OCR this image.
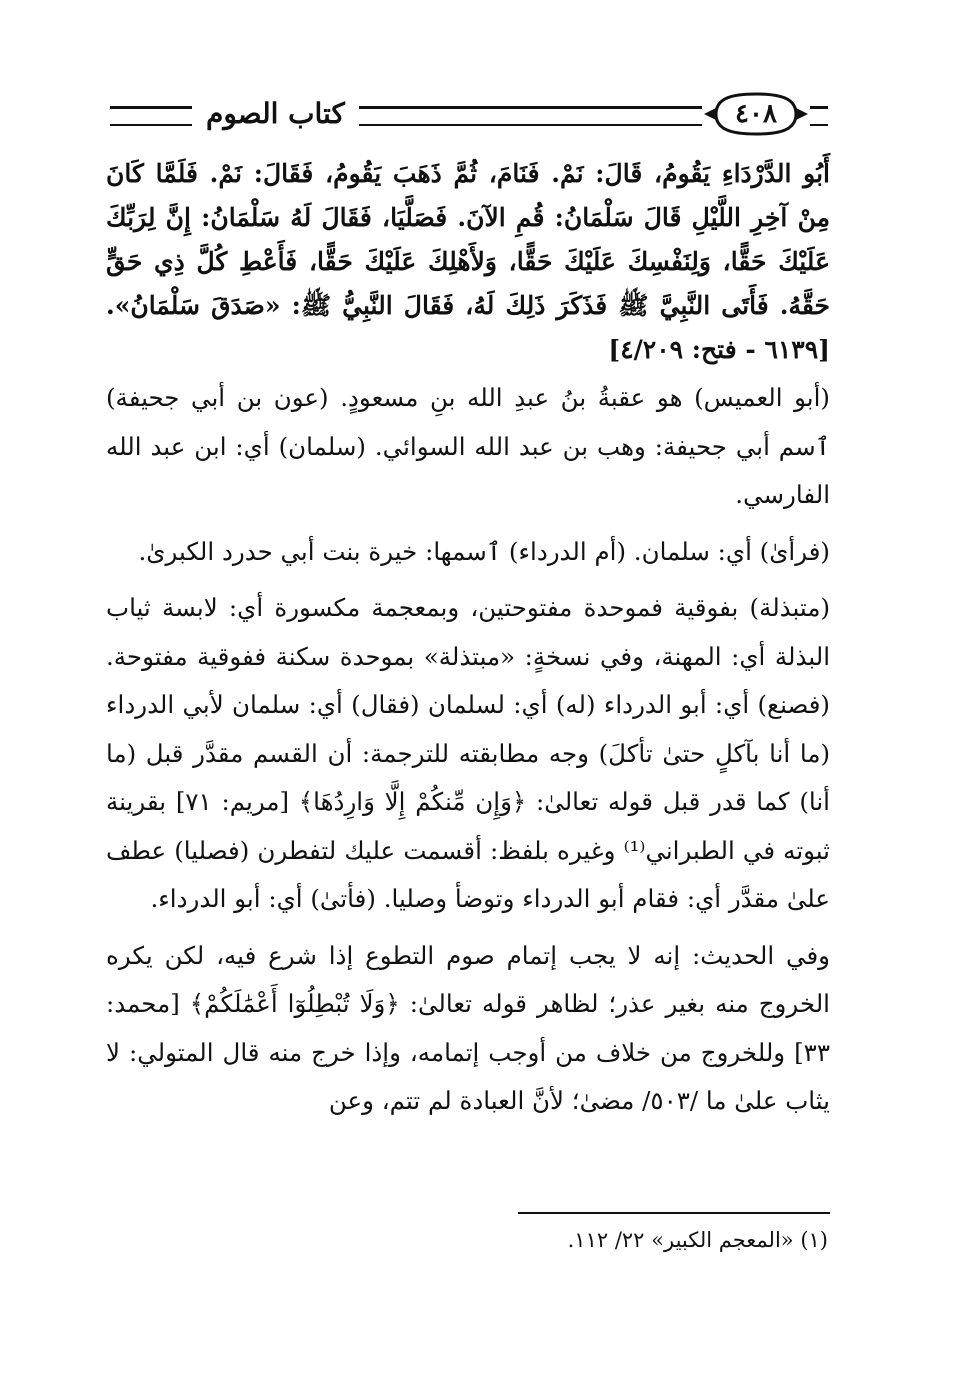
كتاب الصوم	٤٠٨

أَبُو الدَّرْدَاءِ يَقُومُ، قَالَ: نَمْ. فَنَامَ، ثُمَّ ذَهَبَ يَقُومُ، فَقَالَ: نَمْ. فَلَمَّا كَانَ مِنْ آخِرِ اللَّيْلِ قَالَ سَلْمَانُ: قُمِ الآنَ. فَصَلَّيَا، فَقَالَ لَهُ سَلْمَانُ: إِنَّ لِرَبِّكَ عَلَيْكَ حَقًّا، وَلِنَفْسِكَ عَلَيْكَ حَقًّا، وَلأَهْلِكَ عَلَيْكَ حَقًّا، فَأَعْطِ كُلَّ ذِي حَقٍّ حَقَّهُ. فَأَتَى النَّبِيَّ ﷺ فَذَكَرَ ذَلِكَ لَهُ، فَقَالَ النَّبِيُّ ﷺ: «صَدَقَ سَلْمَانُ». [٦١٣٩ - فتح: ٤/٢٠٩]

(أبو العميس) هو عقبةُ بنُ عبدِ الله بنِ مسعودٍ. (عون بن أبي جحيفة) ٱسم أبي جحيفة: وهب بن عبد الله السوائي. (سلمان) أي: ابن عبد الله الفارسي.

(فرأىٰ) أي: سلمان. (أم الدرداء) ٱسمها: خيرة بنت أبي حدرد الكبرىٰ.

(متبذلة) بفوقية فموحدة مفتوحتين، وبمعجمة مكسورة أي: لابسة ثياب البذلة أي: المهنة، وفي نسخةٍ: «مبتذلة» بموحدة سكنة ففوقية مفتوحة. (فصنع) أي: أبو الدرداء (له) أي: لسلمان (فقال) أي: سلمان لأبي الدرداء (ما أنا بآكلٍ حتىٰ تأكلَ) وجه مطابقته للترجمة: أن القسم مقدَّر قبل (ما أنا) كما قدر قبل قوله تعالىٰ: ﴿وَإِن مِّنكُمْ إِلَّا وَارِدُهَا﴾ [مريم: ٧١] بقرينة ثبوته في الطبراني⁽¹⁾ وغيره بلفظ: أقسمت عليك لتفطرن (فصليا) عطف علىٰ مقدَّر أي: فقام أبو الدرداء وتوضأ وصليا. (فأتىٰ) أي: أبو الدرداء.

وفي الحديث: إنه لا يجب إتمام صوم التطوع إذا شرع فيه، لكن يكره الخروج منه بغير عذر؛ لظاهر قوله تعالىٰ: ﴿وَلَا تُبْطِلُوٓا أَعْمَٰلَكُمْ﴾ [محمد: ٣٣] وللخروج من خلاف من أوجب إتمامه، وإذا خرج منه قال المتولي: لا يثاب علىٰ ما /٥٠٣/ مضىٰ؛ لأنَّ العبادة لم تتم، وعن

(١) «المعجم الكبير» ٢٢/ ١١٢.
